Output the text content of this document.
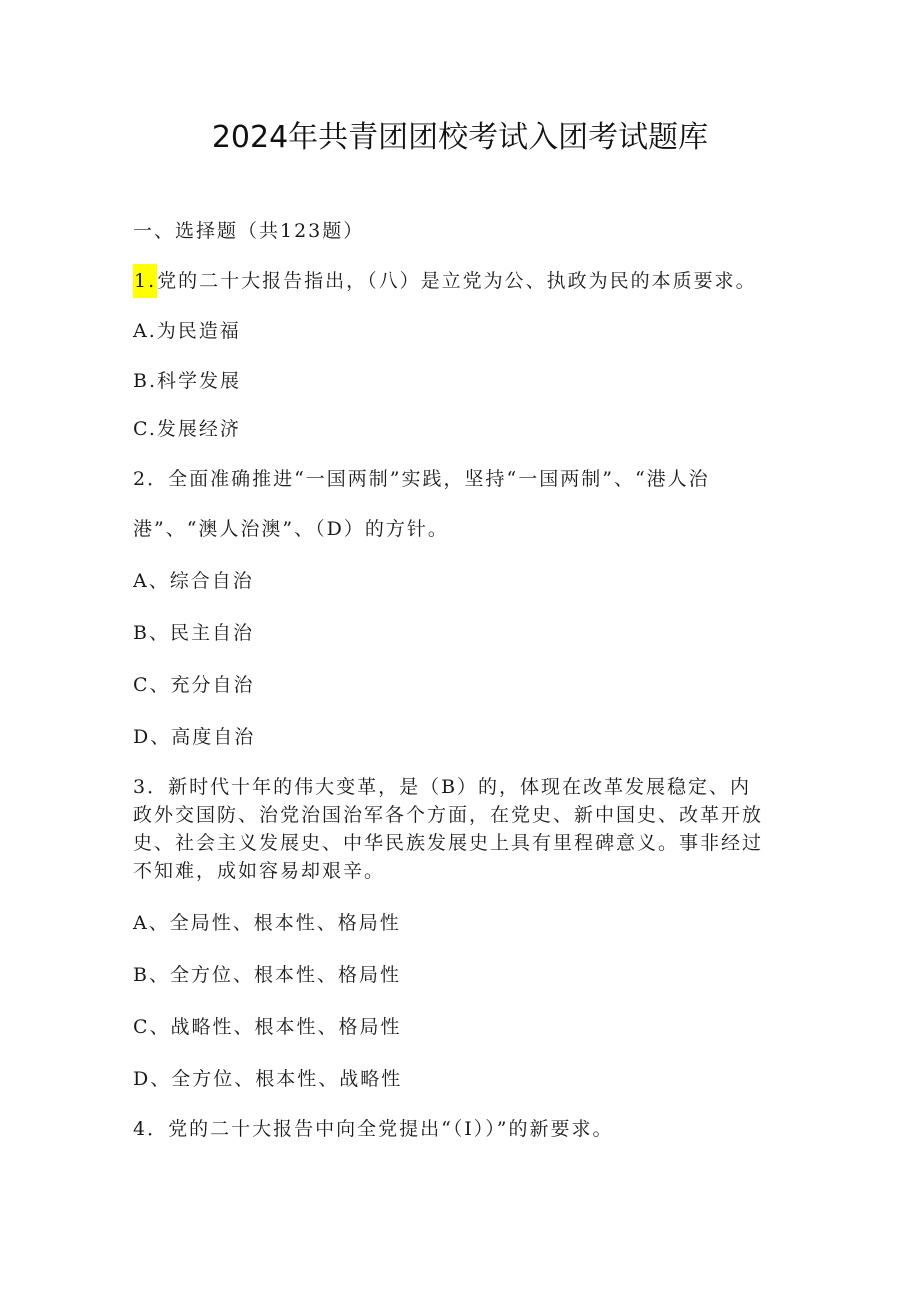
2024年共青团团校考试入团考试题库
一、选择题（共123题）
1.党的二十大报告指出，（八）是立党为公、执政为民的本质要求。
A.为民造福
B.科学发展
C.发展经济
2．全面准确推进“一国两制”实践，坚持“一国两制”、“港人治
港”、“澳人治澳”、（D）的方针。
A、综合自治
B、民主自治
C、充分自治
D、高度自治
3．新时代十年的伟大变革，是（B）的，体现在改革发展稳定、内
政外交国防、治党治国治军各个方面，在党史、新中国史、改革开放
史、社会主义发展史、中华民族发展史上具有里程碑意义。事非经过
不知难，成如容易却艰辛。
A、全局性、根本性、格局性
B、全方位、根本性、格局性
C、战略性、根本性、格局性
D、全方位、根本性、战略性
4．党的二十大报告中向全党提出“（I））”的新要求。
